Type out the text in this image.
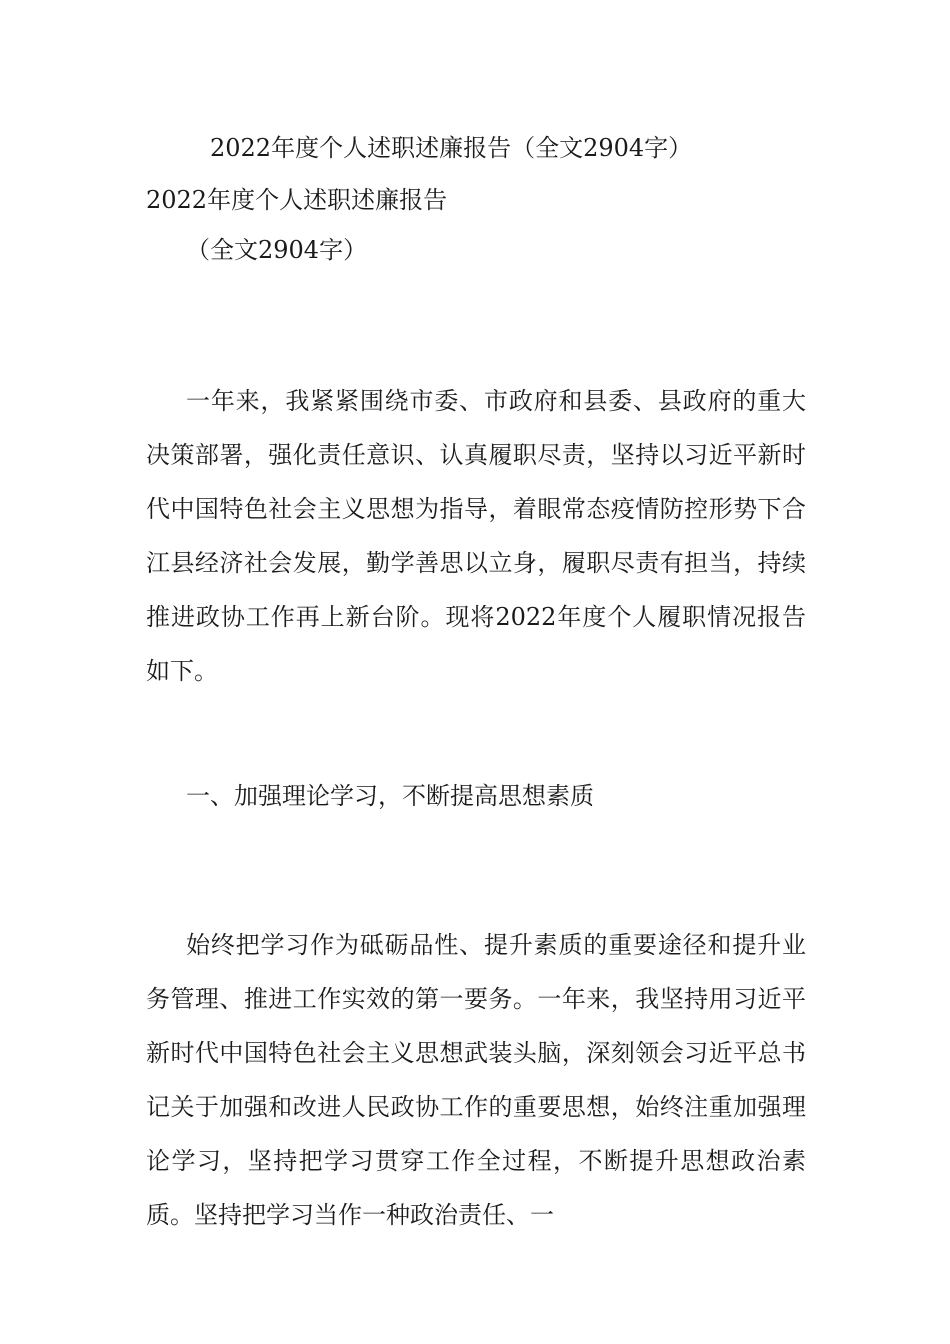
2022年度个人述职述廉报告（全文2904字）
2022年度个人述职述廉报告
（全文2904字）

一年来，我紧紧围绕市委、市政府和县委、县政府的重大决策部署，强化责任意识、认真履职尽责，坚持以习近平新时代中国特色社会主义思想为指导，着眼常态疫情防控形势下合江县经济社会发展，勤学善思以立身，履职尽责有担当，持续推进政协工作再上新台阶。现将2022年度个人履职情况报告如下。

一、加强理论学习，不断提高思想素质

始终把学习作为砥砺品性、提升素质的重要途径和提升业务管理、推进工作实效的第一要务。一年来，我坚持用习近平新时代中国特色社会主义思想武装头脑，深刻领会习近平总书记关于加强和改进人民政协工作的重要思想，始终注重加强理论学习，坚持把学习贯穿工作全过程，不断提升思想政治素质。坚持把学习当作一种政治责任、一
